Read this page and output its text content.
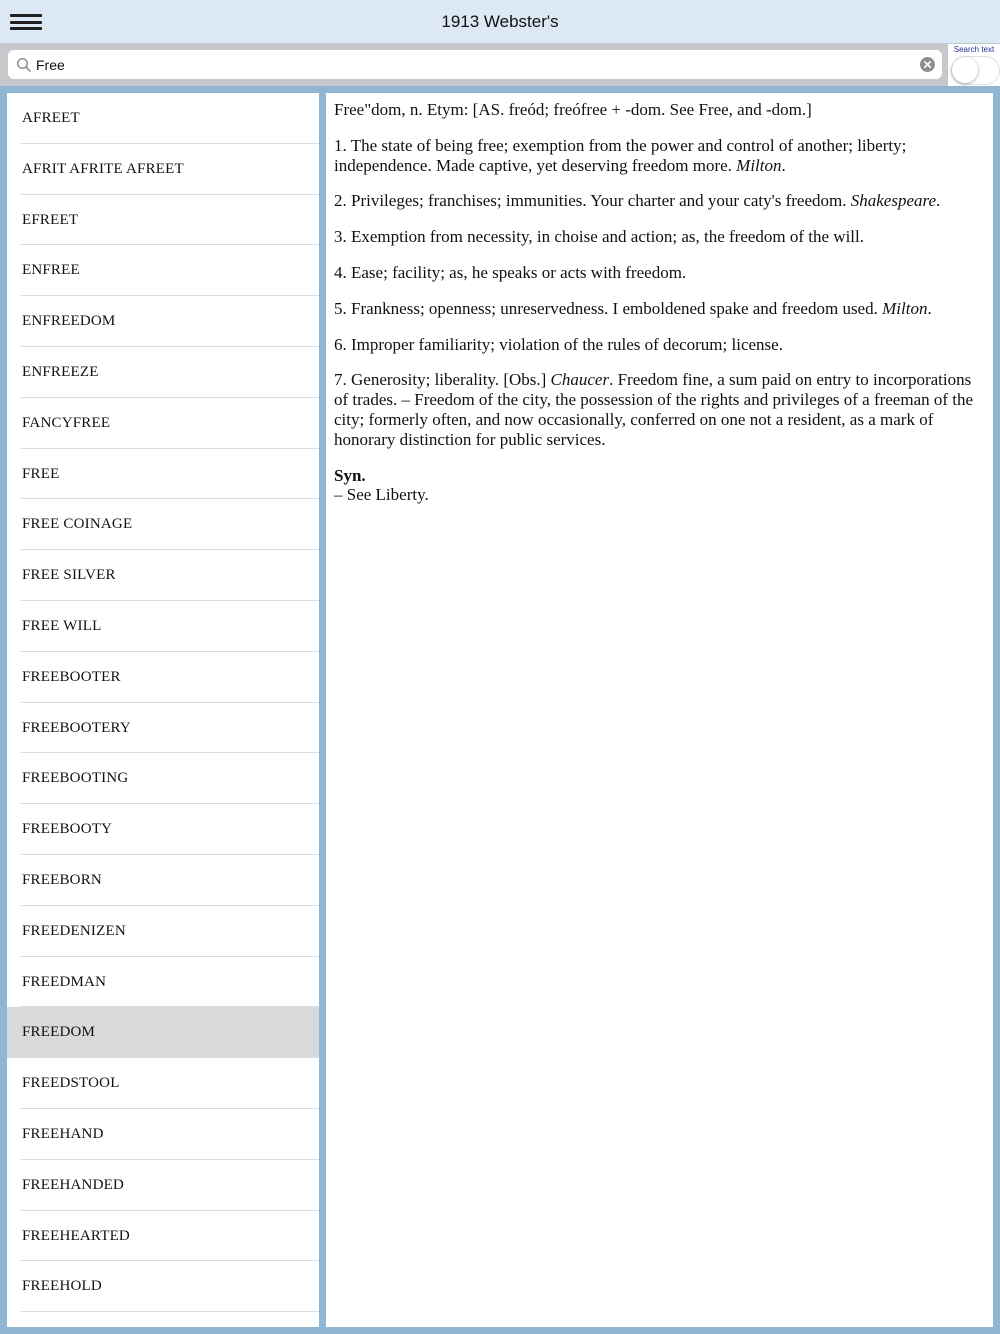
1913 Webster's
Free
Search text
AFREET
AFRIT AFRITE AFREET
EFREET
ENFREE
ENFREEDOM
ENFREEZE
FANCYFREE
FREE
FREE COINAGE
FREE SILVER
FREE WILL
FREEBOOTER
FREEBOOTERY
FREEBOOTING
FREEBOOTY
FREEBORN
FREEDENIZEN
FREEDMAN
FREEDOM
FREEDSTOOL
FREEHAND
FREEHANDED
FREEHEARTED
FREEHOLD

Free"dom, n. Etym: [AS. freód; freófree + -dom. See Free, and -dom.]

1. The state of being free; exemption from the power and control of another; liberty; independence. Made captive, yet deserving freedom more. Milton.

2. Privileges; franchises; immunities. Your charter and your caty's freedom. Shakespeare.

3. Exemption from necessity, in choise and action; as, the freedom of the will.

4. Ease; facility; as, he speaks or acts with freedom.

5. Frankness; openness; unreservedness. I emboldened spake and freedom used. Milton.

6. Improper familiarity; violation of the rules of decorum; license.

7. Generosity; liberality. [Obs.] Chaucer. Freedom fine, a sum paid on entry to incorporations of trades. – Freedom of the city, the possession of the rights and privileges of a freeman of the city; formerly often, and now occasionally, conferred on one not a resident, as a mark of honorary distinction for public services.

Syn.
– See Liberty.
